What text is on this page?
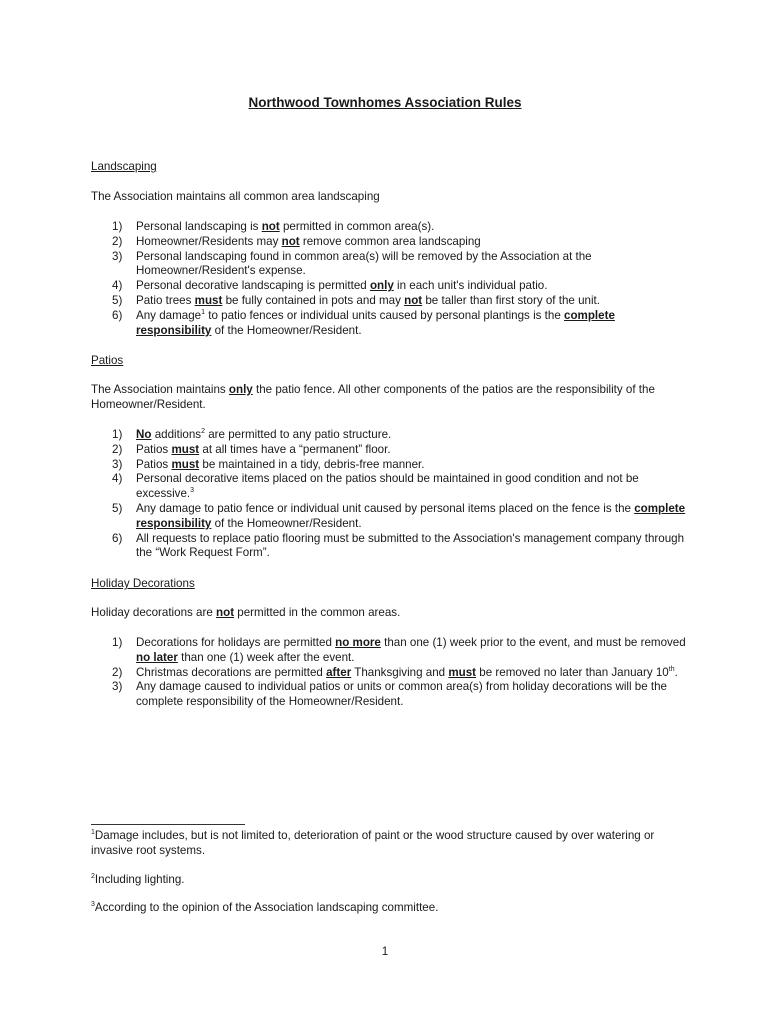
Northwood Townhomes Association Rules
Landscaping
The Association maintains all common area landscaping
1) Personal landscaping is not permitted in common area(s).
2) Homeowner/Residents may not remove common area landscaping
3) Personal landscaping found in common area(s) will be removed by the Association at the Homeowner/Resident's expense.
4) Personal decorative landscaping is permitted only in each unit's individual patio.
5) Patio trees must be fully contained in pots and may not be taller than first story of the unit.
6) Any damage$^1$ to patio fences or individual units caused by personal plantings is the complete responsibility of the Homeowner/Resident.
Patios
The Association maintains only the patio fence. All other components of the patios are the responsibility of the Homeowner/Resident.
1) No additions$^2$ are permitted to any patio structure.
2) Patios must at all times have a “permanent” floor.
3) Patios must be maintained in a tidy, debris-free manner.
4) Personal decorative items placed on the patios should be maintained in good condition and not be excessive.$^3$
5) Any damage to patio fence or individual unit caused by personal items placed on the fence is the complete responsibility of the Homeowner/Resident.
6) All requests to replace patio flooring must be submitted to the Association's management company through the “Work Request Form”.
Holiday Decorations
Holiday decorations are not permitted in the common areas.
1) Decorations for holidays are permitted no more than one (1) week prior to the event, and must be removed no later than one (1) week after the event.
2) Christmas decorations are permitted after Thanksgiving and must be removed no later than January 10th.
3) Any damage caused to individual patios or units or common area(s) from holiday decorations will be the complete responsibility of the Homeowner/Resident.
$^1$Damage includes, but is not limited to, deterioration of paint or the wood structure caused by over watering or invasive root systems.
$^2$Including lighting.
$^3$According to the opinion of the Association landscaping committee.
1
